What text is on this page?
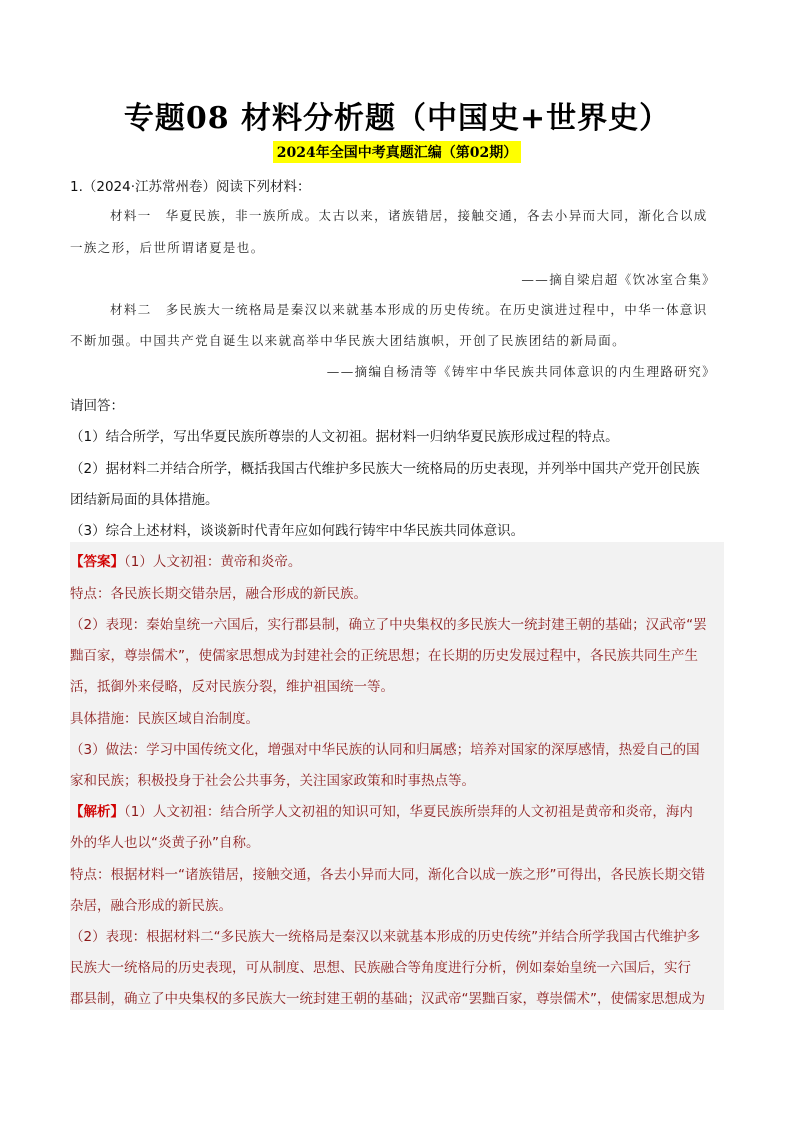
专题08 材料分析题（中国史+世界史）
2024年全国中考真题汇编（第02期）
1.（2024·江苏常州卷）阅读下列材料：
材料一　华夏民族，非一族所成。太古以来，诸族错居，接触交通，各去小异而大同，渐化合以成
一族之形，后世所谓诸夏是也。
——摘自梁启超《饮冰室合集》
材料二　多民族大一统格局是秦汉以来就基本形成的历史传统。在历史演进过程中，中华一体意识
不断加强。中国共产党自诞生以来就高举中华民族大团结旗帜，开创了民族团结的新局面。
——摘编自杨清等《铸牢中华民族共同体意识的内生理路研究》
请回答：
（1）结合所学，写出华夏民族所尊崇的人文初祖。据材料一归纳华夏民族形成过程的特点。
（2）据材料二并结合所学，概括我国古代维护多民族大一统格局的历史表现，并列举中国共产党开创民族
团结新局面的具体措施。
（3）综合上述材料，谈谈新时代青年应如何践行铸牢中华民族共同体意识。
【答案】（1）人文初祖：黄帝和炎帝。
特点：各民族长期交错杂居，融合形成的新民族。
（2）表现：秦始皇统一六国后，实行郡县制，确立了中央集权的多民族大一统封建王朝的基础；汉武帝“罢
黜百家，尊崇儒术”，使儒家思想成为封建社会的正统思想；在长期的历史发展过程中，各民族共同生产生
活，抵御外来侵略，反对民族分裂，维护祖国统一等。
具体措施：民族区域自治制度。
（3）做法：学习中国传统文化，增强对中华民族的认同和归属感；培养对国家的深厚感情，热爱自己的国
家和民族；积极投身于社会公共事务，关注国家政策和时事热点等。
【解析】（1）人文初祖：结合所学人文初祖的知识可知，华夏民族所崇拜的人文初祖是黄帝和炎帝，海内
外的华人也以“炎黄子孙”自称。
特点：根据材料一“诸族错居，接触交通，各去小异而大同，渐化合以成一族之形”可得出，各民族长期交错
杂居，融合形成的新民族。
（2）表现：根据材料二“多民族大一统格局是秦汉以来就基本形成的历史传统”并结合所学我国古代维护多
民族大一统格局的历史表现，可从制度、思想、民族融合等角度进行分析，例如秦始皇统一六国后，实行
郡县制，确立了中央集权的多民族大一统封建王朝的基础；汉武帝“罢黜百家，尊崇儒术”，使儒家思想成为
